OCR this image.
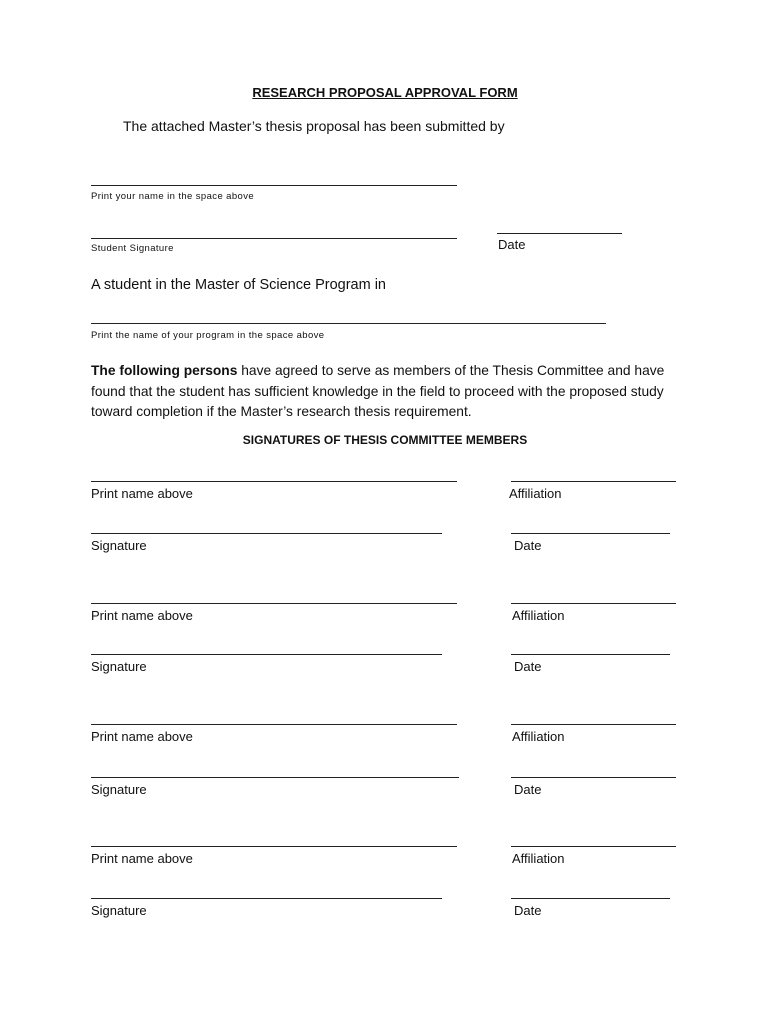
RESEARCH PROPOSAL APPROVAL FORM
The attached Master’s thesis proposal has been submitted by
Print your name in the space above
Student Signature	Date
A student in the Master of Science Program in
Print the name of your program in the space above
The following persons have agreed to serve as members of the Thesis Committee and have found that the student has sufficient knowledge in the field to proceed with the proposed study toward completion if the Master’s research thesis requirement.
SIGNATURES OF THESIS COMMITTEE MEMBERS
Print name above	Affiliation
Signature	Date
Print name above	Affiliation
Signature	Date
Print name above	Affiliation
Signature	Date
Print name above	Affiliation
Signature	Date
